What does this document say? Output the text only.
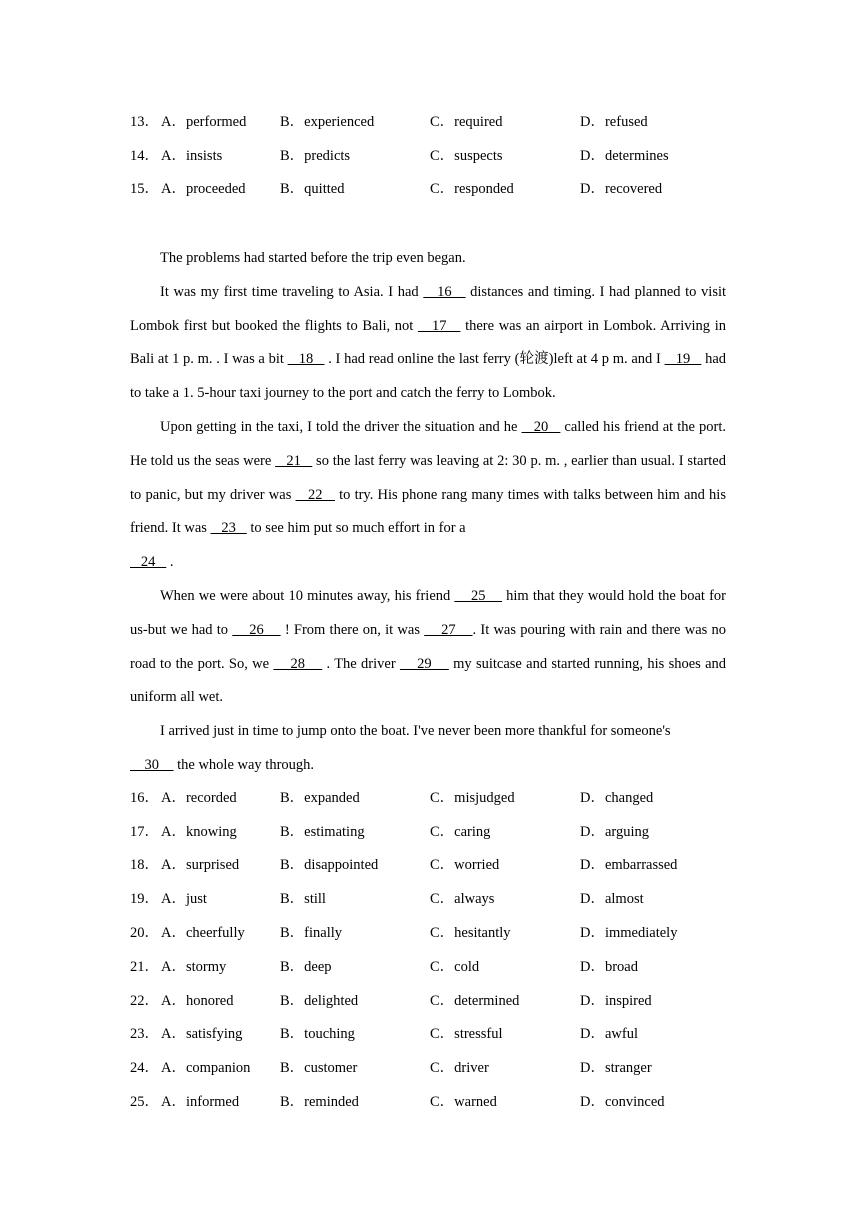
13． A．performed B．experienced	C．required	D．refused
14． A．insists	B．predicts	C．suspects	D．determines
15． A．proceeded B．quitted	C．responded	D．recovered

The problems had started before the trip even began.

It was my first time traveling to Asia. I had    16    distances and timing. I had planned to visit Lombok first but booked the flights to Bali, not    17    there was an airport in Lombok. Arriving in Bali at 1 p. m. . I was a bit    18    . I had read online the last ferry (轮渡)left at 4 p m. and I    19    had to take a 1. 5-hour taxi journey to the port and catch the ferry to Lombok.

Upon getting in the taxi, I told the driver the situation and he    20    called his friend at the port. He told us the seas were    21    so the last ferry was leaving at 2: 30 p. m. , earlier than usual. I started to panic, but my driver was    22    to try. His phone rang many times with talks between him and his friend. It was    23    to see him put so much effort in for a
24    .

When we were about 10 minutes away, his friend     25     him that they would hold the boat for us-but we had to     26     ! From there on, it was     27    . It was pouring with rain and there was no road to the port. So, we     28     . The driver     29     my suitcase and started running, his shoes and uniform all wet.

I arrived just in time to jump onto the boat. I've never been more thankful for someone's
30     the whole way through.

16． A．recorded	B．expanded	C．misjudged	D．changed
17． A．knowing	B．estimating	C．caring	D．arguing
18． A．surprised	B．disappointed	C．worried	D．embarrassed
19． A．just	B．still	C．always	D．almost
20． A．cheerfully B．finally	C．hesitantly	D．immediately
21． A．stormy	B．deep	C．cold	D．broad
22． A．honored	B．delighted	C．determined	D．inspired
23． A．satisfying	B．touching	C．stressful	D．awful
24． A．companion B．customer	C．driver	D．stranger
25． A．informed	B．reminded	C．warned	D．convinced
